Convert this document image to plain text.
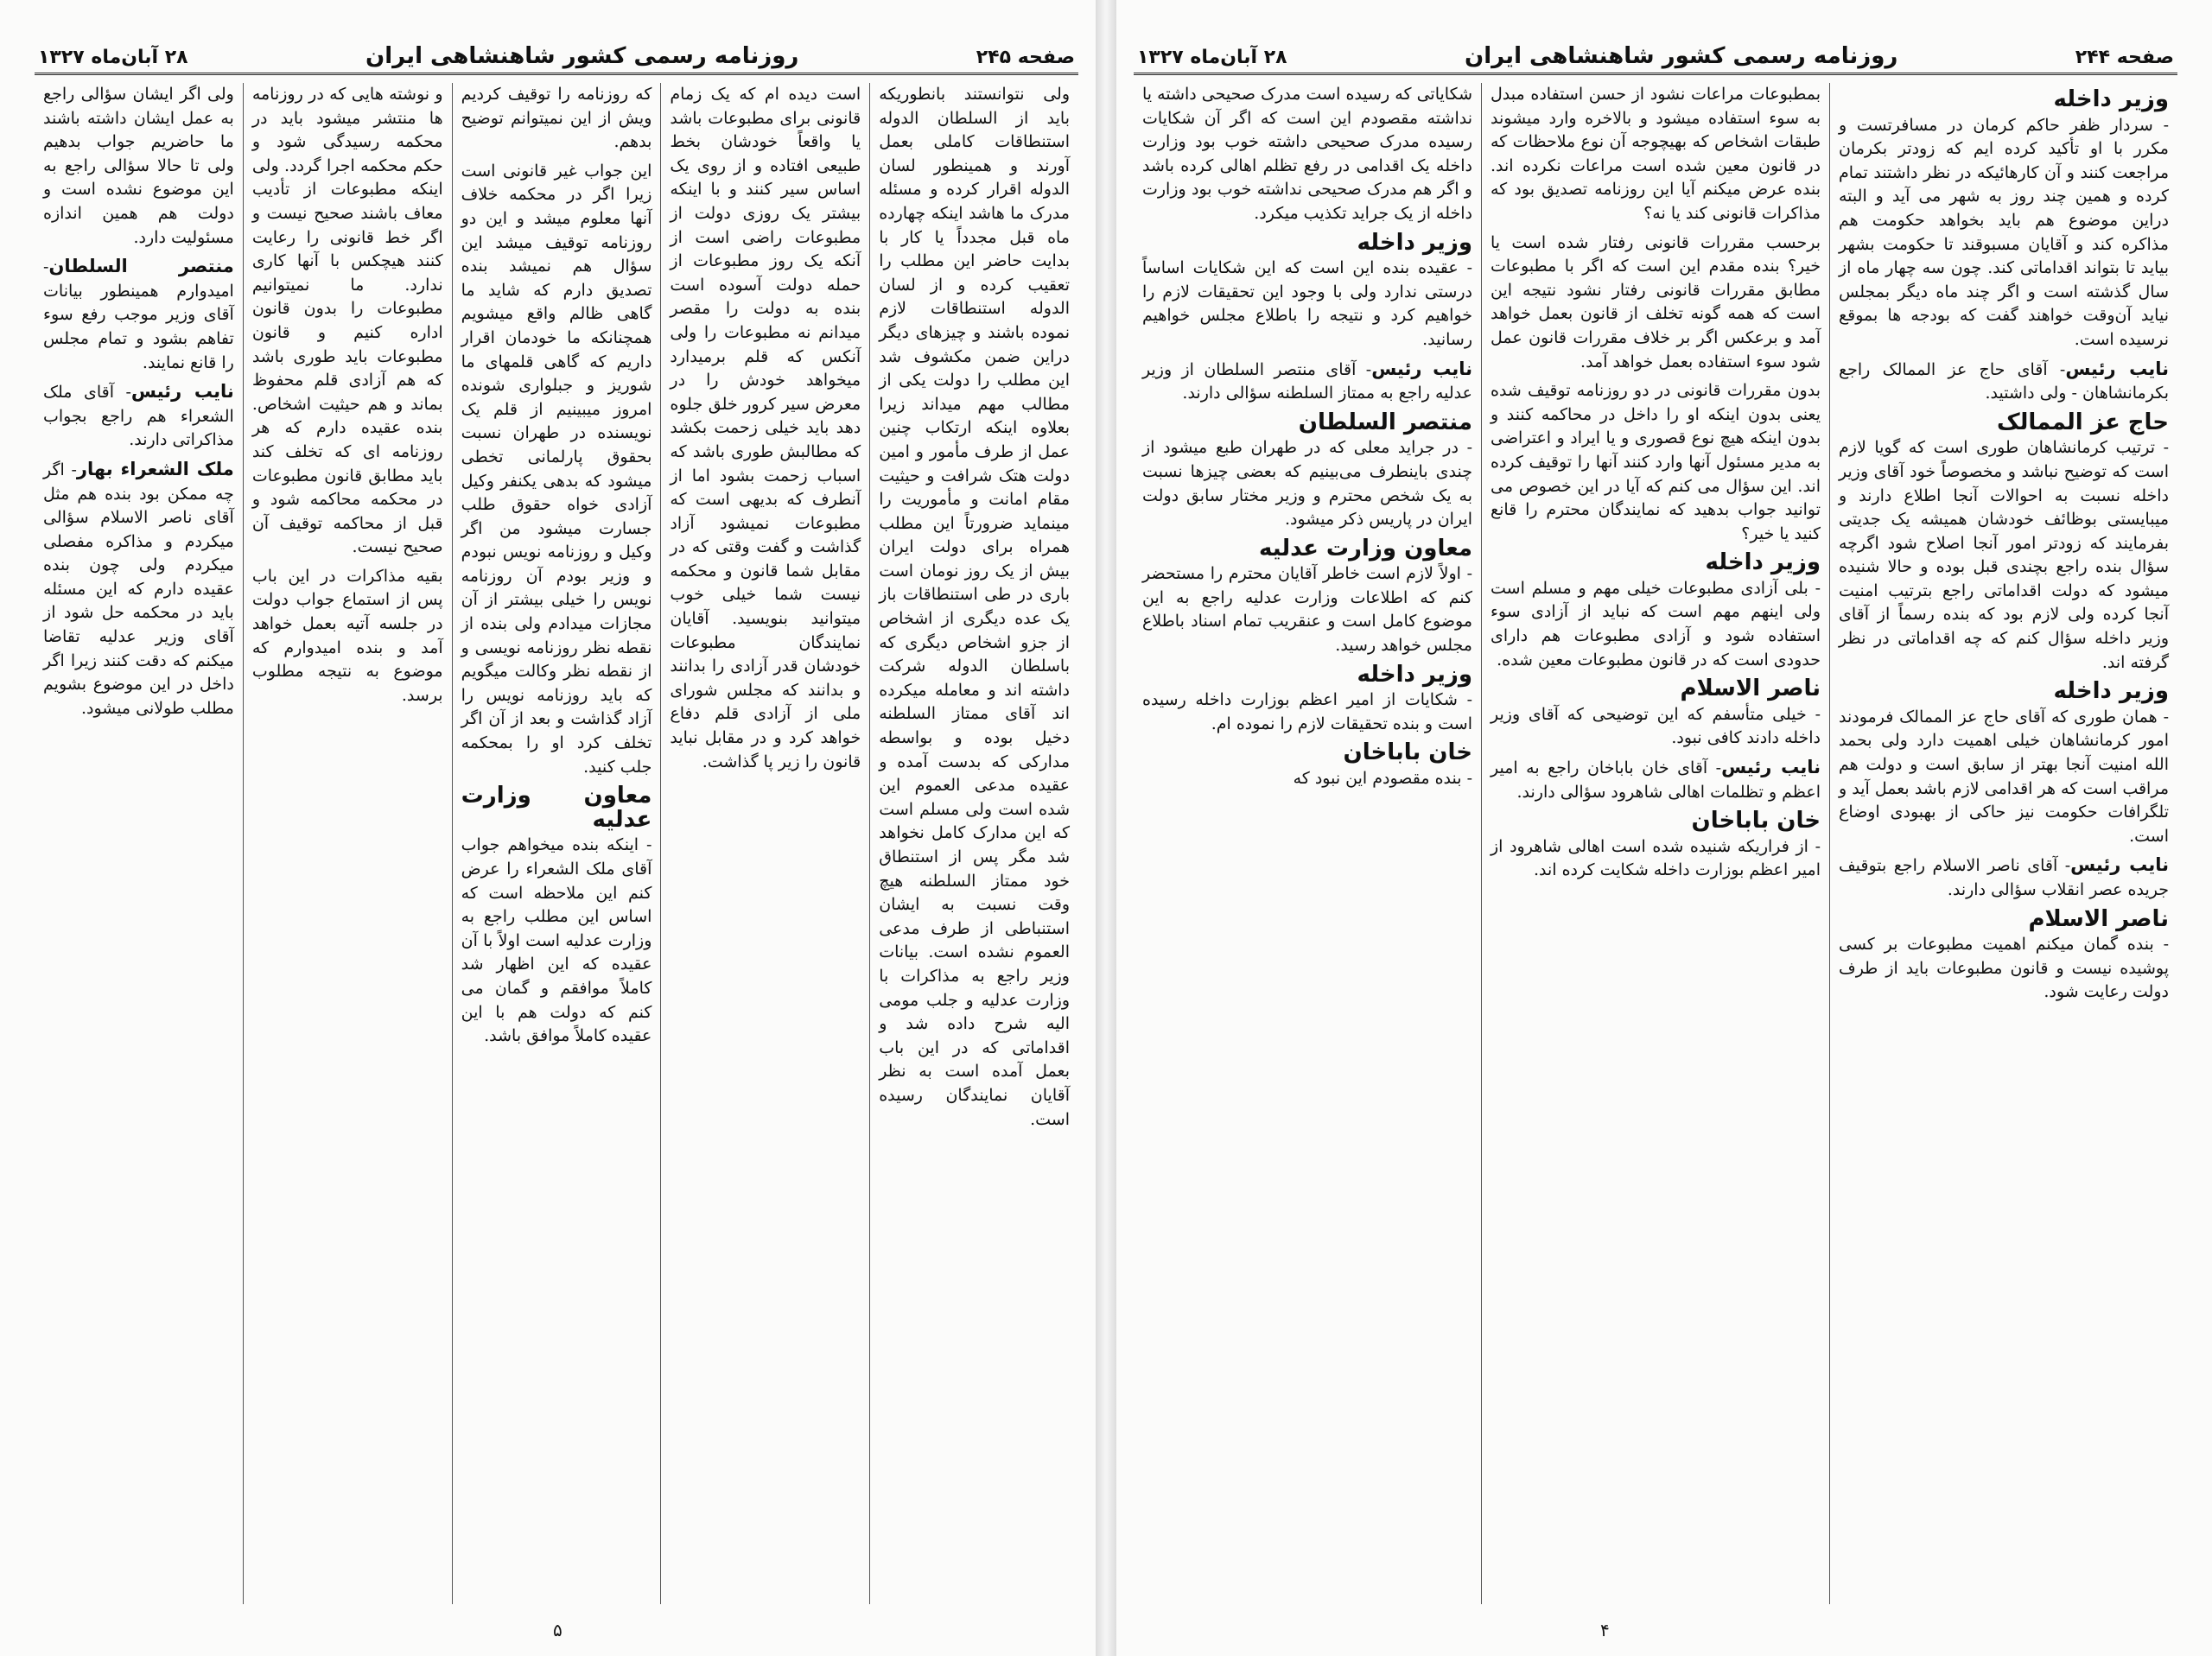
صفحه ۲۴۵
روزنامه رسمی کشور شاهنشاهی ایران
۲۸ آبان‌ماه ۱۳۲۷

ولی نتوانستند بانطوریکه باید از السلطان الدوله استنطاقات کاملی بعمل آورند و همینطور لسان الدوله اقرار کرده و مسئله مدرک ما هاشد اینکه چهارده ماه قبل مجدداً یا کار با بدایت حاضر این مطلب را تعقیب کرده و از لسان الدوله استنطاقات لازم نموده باشند و چیزهای دیگر دراین ضمن مکشوف شد این مطلب را دولت یکی از مطالب مهم میداند زیرا بعلاوه اینکه ارتکاب چنین عمل از طرف مأمور و امین دولت هتک شرافت و حیثیت مقام امانت و مأموریت را مینماید ضرورتاً این مطلب همراه برای دولت ایران بیش از یک روز نومان است باری در طی استنطاقات باز یک عده دیگری از اشخاص از جزو اشخاص دیگری که باسلطان الدوله شرکت داشته اند و معامله میکرده اند آقای ممتاز السلطنه دخیل بوده و بواسطه مدارکی که بدست آمده و عقیده مدعی العموم این شده است ولی مسلم است که این مدارک کامل نخواهد شد مگر پس از استنطاق خود ممتاز السلطنه هیچ وقت نسبت به ایشان استنباطی از طرف مدعی العموم نشده است. بیانات وزیر راجع به مذاکرات با وزارت عدلیه و جلب مومی الیه شرح داده شد و اقداماتی که در این باب بعمل آمده است به نظر آقایان نمایندگان رسیده است.

است دیده ام که یک زمام قانونی برای مطبوعات باشد یا واقعاً خودشان بخط طبیعی افتاده و از روی یک اساس سیر کنند و با اینکه بیشتر یک روزی دولت از مطبوعات راضی است از آنکه یک روز مطبوعات از حمله دولت آسوده است بنده به دولت را مقصر میدانم نه مطبوعات را ولی آنکس که قلم برمیدارد میخواهد خودش را در معرض سیر کرور خلق جلوه دهد باید خیلی زحمت بکشد که مطالبش طوری باشد که اسباب زحمت بشود اما از آنطرف که بدیهی است که مطبوعات نمیشود آزاد گذاشت و گفت وقتی که در مقابل شما قانون و محکمه نیست شما خیلی خوب میتوانید بنویسید. آقایان نمایندگان مطبوعات خودشان قدر آزادی را بدانند و بدانند که مجلس شورای ملی از آزادی قلم دفاع خواهد کرد و در مقابل نباید قانون را زیر پا گذاشت.

که روزنامه را توقیف کردیم ویش از این نمیتوانم توضیح بدهم.

این جواب غیر قانونی است زیرا اگر در محکمه خلاف آنها معلوم میشد و این دو روزنامه توقیف میشد این سؤال هم نمیشد بنده تصدیق دارم که شاید ما گاهی ظالم واقع میشویم همچنانکه ما خودمان اقرار داریم که گاهی قلمهای ما شوریز و جبلواری شونده امروز میبینیم از قلم یک نویسنده در طهران نسبت بحقوق پارلمانی تخطی میشود که بدهی یکنفر وکیل آزادی خواه حقوق طلب جسارت میشود من اگر وکیل و روزنامه نویس نبودم و وزیر بودم آن روزنامه نویس را خیلی بیشتر از آن مجازات میدادم ولی بنده از نقطه نظر روزنامه نویسی و از نقطه نظر وکالت میگویم که باید روزنامه نویس را آزاد گذاشت و بعد از آن اگر تخلف کرد او را بمحکمه جلب کنید.

معاون وزارت عدلیه

- اینکه بنده میخواهم جواب آقای ملک الشعراء را عرض کنم این ملاحظه است که اساس این مطلب راجع به وزارت عدلیه است اولاً با آن عقیده که این اظهار شد کاملاً موافقم و گمان می کنم که دولت هم با این عقیده کاملاً موافق باشد.

و نوشته هایی که در روزنامه ها منتشر میشود باید در محکمه رسیدگی شود و حکم محکمه اجرا گردد. ولی اینکه مطبوعات از تأدیب معاف باشند صحیح نیست و اگر خط قانونی را رعایت کنند هیچکس با آنها کاری ندارد. ما نمیتوانیم مطبوعات را بدون قانون اداره کنیم و قانون مطبوعات باید طوری باشد که هم آزادی قلم محفوظ بماند و هم حیثیت اشخاص. بنده عقیده دارم که هر روزنامه ای که تخلف کند باید مطابق قانون مطبوعات در محکمه محاکمه شود و قبل از محاکمه توقیف آن صحیح نیست.

بقیه مذاکرات در این باب پس از استماع جواب دولت در جلسه آتیه بعمل خواهد آمد و بنده امیدوارم که موضوع به نتیجه مطلوب برسد.

ولی اگر ایشان سؤالی راجع به عمل ایشان داشته باشند ما حاضریم جواب بدهیم ولی تا حالا سؤالی راجع به این موضوع نشده است و دولت هم همین اندازه مسئولیت دارد.

منتصر السلطان- امیدوارم همینطور بیانات آقای وزیر موجب رفع سوء تفاهم بشود و تمام مجلس را قانع نمایند.

نایب رئیس- آقای ملک الشعراء هم راجع بجواب مذاکراتی دارند.

ملک الشعراء بهار- اگر چه ممکن بود بنده هم مثل آقای ناصر الاسلام سؤالی میکردم و مذاکره مفصلی میکردم ولی چون بنده عقیده دارم که این مسئله باید در محکمه حل شود از آقای وزیر عدلیه تقاضا میکنم که دقت کنند زیرا اگر داخل در این موضوع بشویم مطلب طولانی میشود.

۵
صفحه ۲۴۴
روزنامه رسمی کشور شاهنشاهی ایران
۲۸ آبان‌ماه ۱۳۲۷
وزیر داخله

- سردار ظفر حاکم کرمان در مسافرتست و مکرر با او تأکید کرده ایم که زودتر بکرمان مراجعت کنند و آن کارهائیکه در نظر داشتند تمام کرده و همین چند روز به شهر می آید و البته دراین موضوع هم باید بخواهد حکومت هم مذاکره کند و آقایان مسبوقند تا حکومت بشهر بیاید تا بتواند اقداماتی کند. چون سه چهار ماه از سال گذشته است و اگر چند ماه دیگر بمجلس نیاید آن‌وقت خواهند گفت که بودجه ها بموقع نرسیده است.

نایب رئیس- آقای حاج عز الممالک راجع بکرمانشاهان - ولی داشتید.

حاج عز الممالک

- ترتیب کرمانشاهان طوری است که گویا لازم است که توضیح نباشد و مخصوصاً خود آقای وزیر داخله نسبت به احوالات آنجا اطلاع دارند و میبایستی بوظائف خودشان همیشه یک جدیتی بفرمایند که زودتر امور آنجا اصلاح شود اگرچه سؤال بنده راجع بچندی قبل بوده و حالا شنیده میشود که دولت اقداماتی راجع بترتیب امنیت آنجا کرده ولی لازم بود که بنده رسماً از آقای وزیر داخله سؤال کنم که چه اقداماتی در نظر گرفته اند.

وزیر داخله

- همان طوری که آقای حاج عز الممالک فرمودند امور کرمانشاهان خیلی اهمیت دارد ولی بحمد الله امنیت آنجا بهتر از سابق است و دولت هم مراقب است که هر اقدامی لازم باشد بعمل آید و تلگرافات حکومت نیز حاکی از بهبودی اوضاع است.

نایب رئیس- آقای ناصر الاسلام راجع بتوقیف جریده عصر انقلاب سؤالی دارند.

ناصر الاسلام

- بنده گمان میکنم اهمیت مطبوعات بر کسی پوشیده نیست و قانون مطبوعات باید از طرف دولت رعایت شود.

بمطبوعات مراعات نشود از حسن استفاده مبدل به سوء استفاده میشود و بالاخره وارد میشوند طبقات اشخاص که بهیچوجه آن نوع ملاحظات که در قانون معین شده است مراعات نکرده اند. بنده عرض میکنم آیا این روزنامه تصدیق بود که مذاکرات قانونی کند یا نه؟

برحسب مقررات قانونی رفتار شده است یا خیر؟ بنده مقدم این است که اگر با مطبوعات مطابق مقررات قانونی رفتار نشود نتیجه این است که همه گونه تخلف از قانون بعمل خواهد آمد و برعکس اگر بر خلاف مقررات قانون عمل شود سوء استفاده بعمل خواهد آمد.

بدون مقررات قانونی در دو روزنامه توقیف شده یعنی بدون اینکه او را داخل در محاکمه کنند و بدون اینکه هیچ نوع قصوری و یا ایراد و اعتراضی به مدیر مسئول آنها وارد کنند آنها را توقیف کرده اند. این سؤال می کنم که آیا در این خصوص می توانید جواب بدهید که نمایندگان محترم را قانع کنید یا خیر؟

وزیر داخله

- بلی آزادی مطبوعات خیلی مهم و مسلم است ولی اینهم مهم است که نباید از آزادی سوء استفاده شود و آزادی مطبوعات هم دارای حدودی است که در قانون مطبوعات معین شده.

ناصر الاسلام

- خیلی متأسفم که این توضیحی که آقای وزیر داخله دادند کافی نبود.

نایب رئیس- آقای خان باباخان راجع به امیر اعظم و تظلمات اهالی شاهرود سؤالی دارند.

خان باباخان

- از فراریکه شنیده شده است اهالی شاهرود از امیر اعظم بوزارت داخله شکایت کرده اند.

شکایاتی که رسیده است مدرک صحیحی داشته یا نداشته مقصودم این است که اگر آن شکایات رسیده مدرک صحیحی داشته خوب بود وزارت داخله یک اقدامی در رفع تظلم اهالی کرده باشد و اگر هم مدرک صحیحی نداشته خوب بود وزارت داخله از یک جراید تکذیب میکرد.

وزیر داخله

- عقیده بنده این است که این شکایات اساساً درستی ندارد ولی با وجود این تحقیقات لازم را خواهیم کرد و نتیجه را باطلاع مجلس خواهیم رسانید.

نایب رئیس- آقای منتصر السلطان از وزیر عدلیه راجع به ممتاز السلطنه سؤالی دارند.

منتصر السلطان

- در جراید معلی که در طهران طبع میشود از چندی باینطرف می‌بینیم که بعضی چیزها نسبت به یک شخص محترم و وزیر مختار سابق دولت ایران در پاریس ذکر میشود.

معاون وزارت عدلیه

- اولاً لازم است خاطر آقایان محترم را مستحضر کنم که اطلاعات وزارت عدلیه راجع به این موضوع کامل است و عنقریب تمام اسناد باطلاع مجلس خواهد رسید.

وزیر داخله

- شکایات از امیر اعظم بوزارت داخله رسیده است و بنده تحقیقات لازم را نموده ام.

خان باباخان

- بنده مقصودم این نبود که

۴
